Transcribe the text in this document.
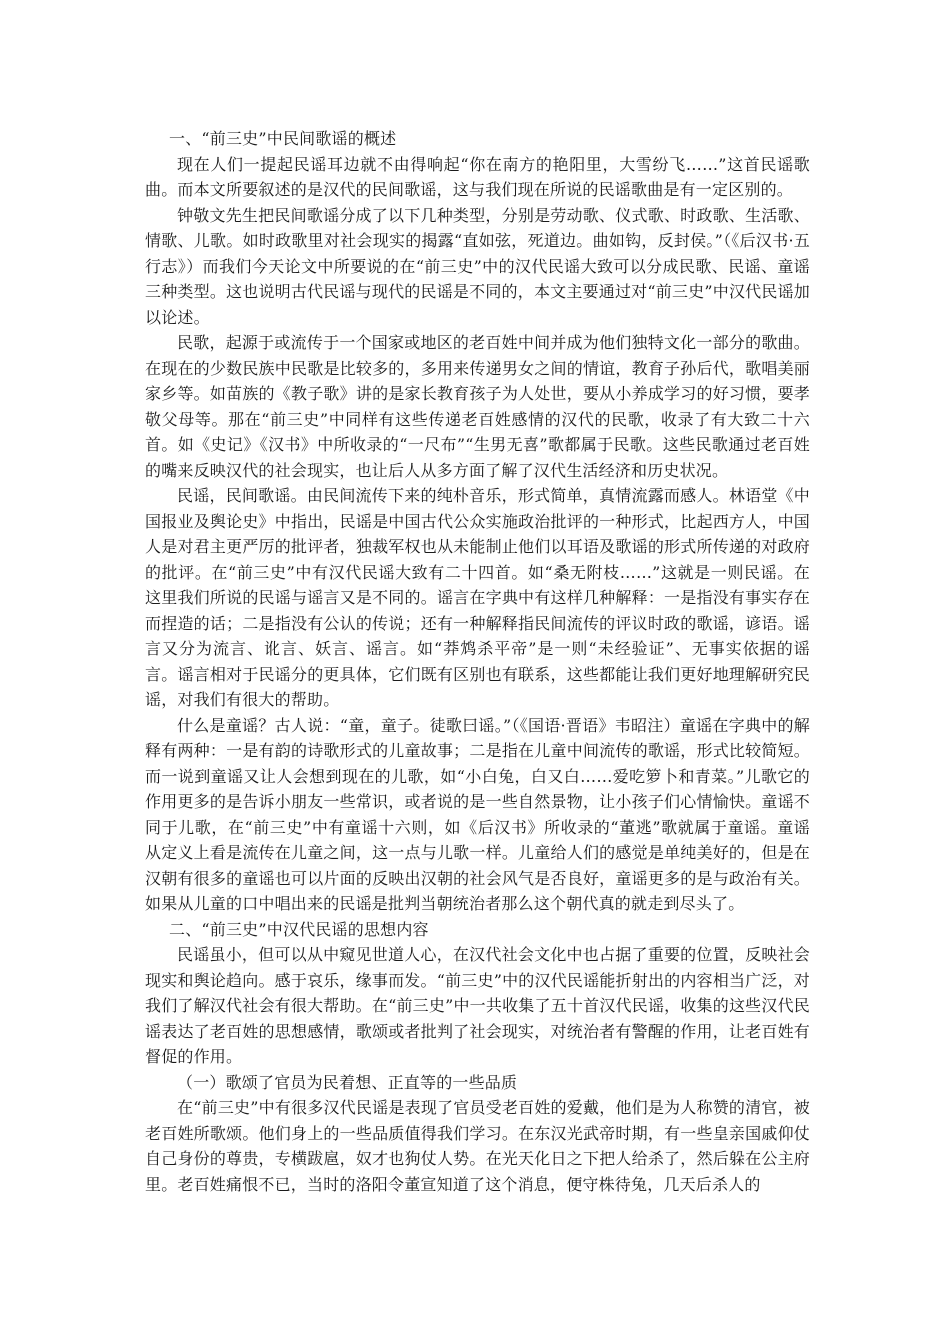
一、“前三史”中民间歌谣的概述

现在人们一提起民谣耳边就不由得响起“你在南方的艳阳里，大雪纷飞……”这首民谣歌曲。而本文所要叙述的是汉代的民间歌谣，这与我们现在所说的民谣歌曲是有一定区别的。

钟敬文先生把民间歌谣分成了以下几种类型，分别是劳动歌、仪式歌、时政歌、生活歌、情歌、儿歌。如时政歌里对社会现实的揭露“直如弦，死道边。曲如钩，反封侯。”（《后汉书·五行志》）而我们今天论文中所要说的在“前三史”中的汉代民谣大致可以分成民歌、民谣、童谣三种类型。这也说明古代民谣与现代的民谣是不同的，本文主要通过对“前三史”中汉代民谣加以论述。

民歌，起源于或流传于一个国家或地区的老百姓中间并成为他们独特文化一部分的歌曲。在现在的少数民族中民歌是比较多的，多用来传递男女之间的情谊，教育子孙后代，歌唱美丽家乡等。如苗族的《教子歌》讲的是家长教育孩子为人处世，要从小养成学习的好习惯，要孝敬父母等。那在“前三史”中同样有这些传递老百姓感情的汉代的民歌，收录了有大致二十六首。如《史记》《汉书》中所收录的“一尺布”“生男无喜”歌都属于民歌。这些民歌通过老百姓的嘴来反映汉代的社会现实，也让后人从多方面了解了汉代生活经济和历史状况。

民谣，民间歌谣。由民间流传下来的纯朴音乐，形式简单，真情流露而感人。林语堂《中国报业及舆论史》中指出，民谣是中国古代公众实施政治批评的一种形式，比起西方人，中国人是对君主更严厉的批评者，独裁军权也从未能制止他们以耳语及歌谣的形式所传递的对政府的批评。在“前三史”中有汉代民谣大致有二十四首。如“桑无附枝……”这就是一则民谣。在这里我们所说的民谣与谣言又是不同的。谣言在字典中有这样几种解释：一是指没有事实存在而捏造的话；二是指没有公认的传说；还有一种解释指民间流传的评议时政的歌谣，谚语。谣言又分为流言、讹言、妖言、谣言。如“莽鸩杀平帝”是一则“未经验证”、无事实依据的谣言。谣言相对于民谣分的更具体，它们既有区别也有联系，这些都能让我们更好地理解研究民谣，对我们有很大的帮助。

什么是童谣？古人说：“童，童子。徒歌曰谣。”（《国语·晋语》韦昭注）童谣在字典中的解释有两种：一是有韵的诗歌形式的儿童故事；二是指在儿童中间流传的歌谣，形式比较简短。而一说到童谣又让人会想到现在的儿歌，如“小白兔，白又白……爱吃箩卜和青菜。”儿歌它的作用更多的是告诉小朋友一些常识，或者说的是一些自然景物，让小孩子们心情愉快。童谣不同于儿歌，在“前三史”中有童谣十六则，如《后汉书》所收录的“董逃”歌就属于童谣。童谣从定义上看是流传在儿童之间，这一点与儿歌一样。儿童给人们的感觉是单纯美好的，但是在汉朝有很多的童谣也可以片面的反映出汉朝的社会风气是否良好，童谣更多的是与政治有关。如果从儿童的口中唱出来的民谣是批判当朝统治者那么这个朝代真的就走到尽头了。

二、“前三史”中汉代民谣的思想内容

民谣虽小，但可以从中窥见世道人心，在汉代社会文化中也占据了重要的位置，反映社会现实和舆论趋向。感于哀乐，缘事而发。“前三史”中的汉代民谣能折射出的内容相当广泛，对我们了解汉代社会有很大帮助。在“前三史”中一共收集了五十首汉代民谣，收集的这些汉代民谣表达了老百姓的思想感情，歌颂或者批判了社会现实，对统治者有警醒的作用，让老百姓有督促的作用。

（一）歌颂了官员为民着想、正直等的一些品质

在“前三史”中有很多汉代民谣是表现了官员受老百姓的爱戴，他们是为人称赞的清官，被老百姓所歌颂。他们身上的一些品质值得我们学习。在东汉光武帝时期，有一些皇亲国戚仰仗自己身份的尊贵，专横跋扈，奴才也狗仗人势。在光天化日之下把人给杀了，然后躲在公主府里。老百姓痛恨不已，当时的洛阳令董宣知道了这个消息，便守株待兔，几天后杀人的
